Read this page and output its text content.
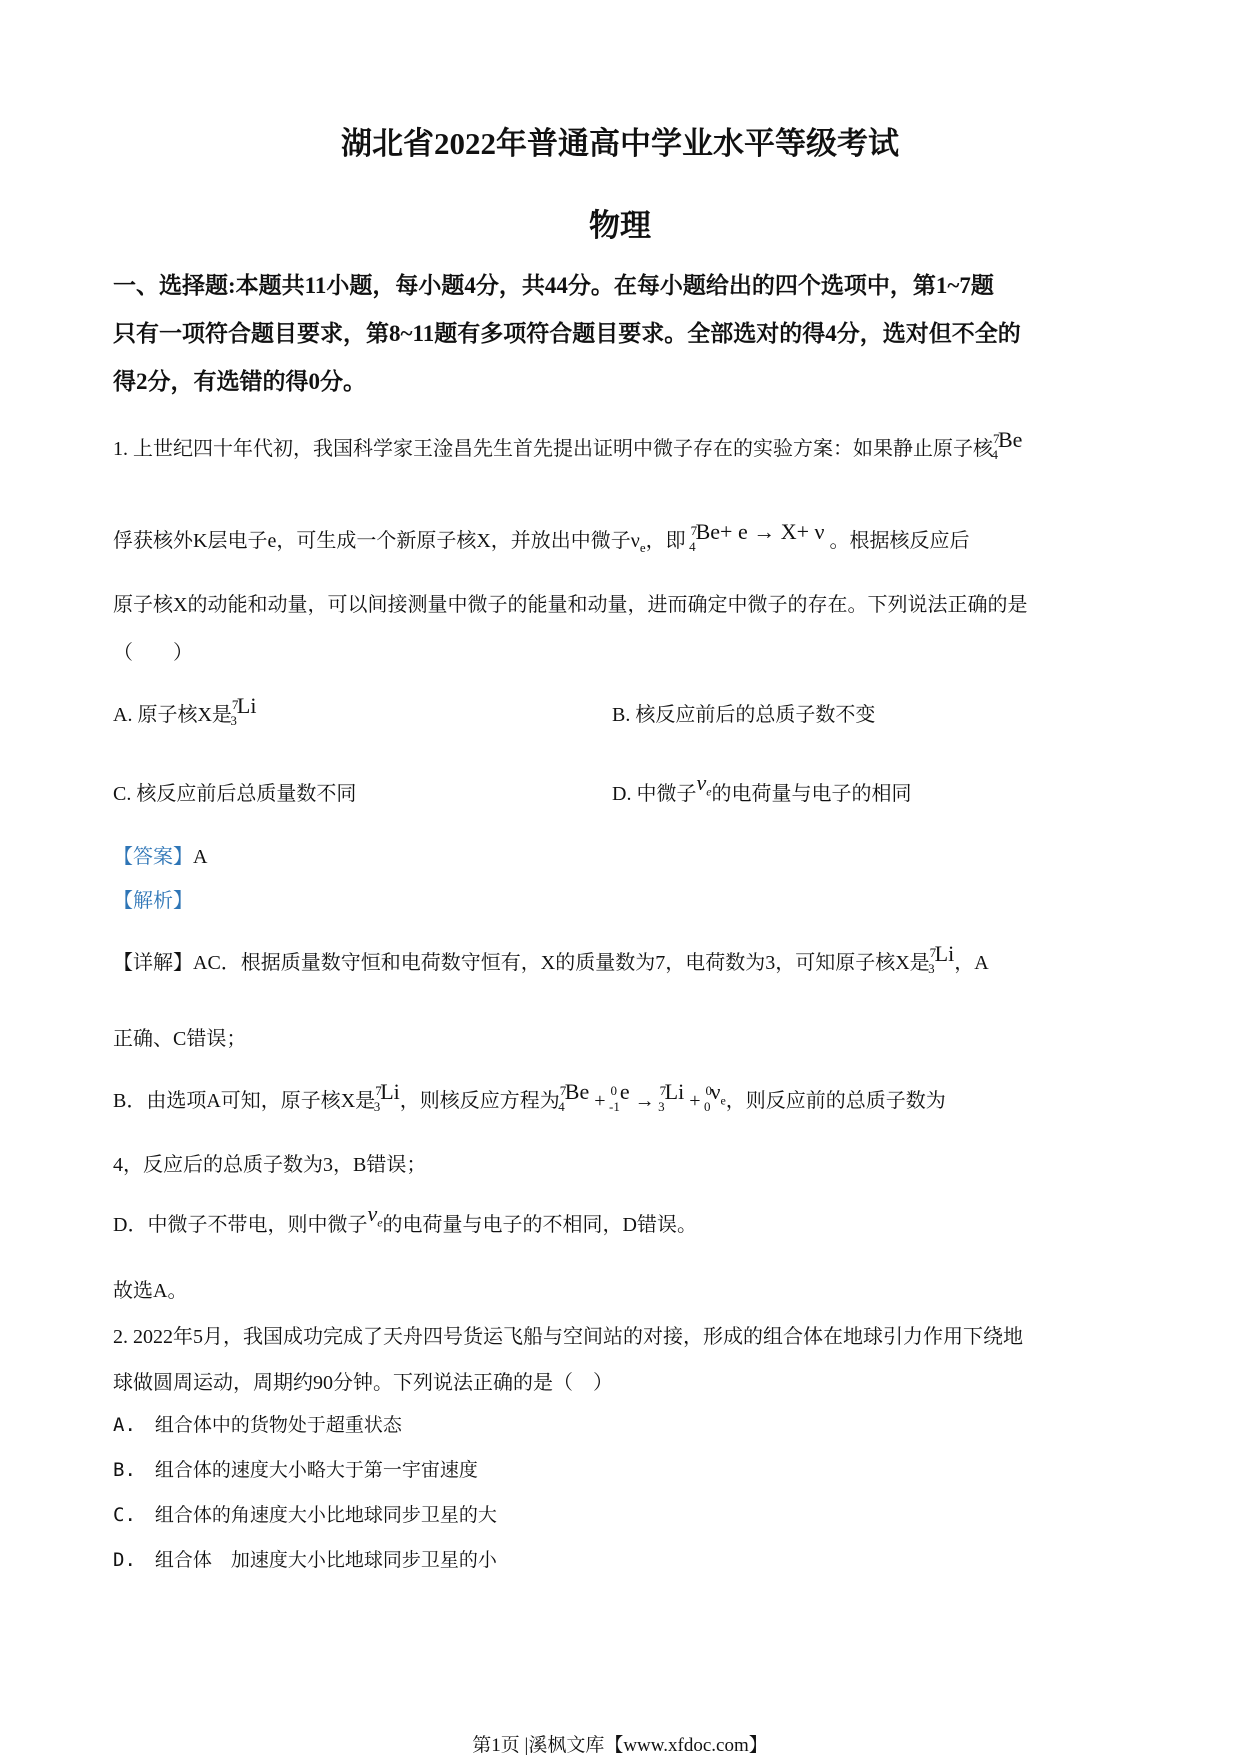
湖北省2022年普通高中学业水平等级考试
物理
一、选择题:本题共11小题，每小题4分，共44分。在每小题给出的四个选项中，第1~7题
只有一项符合题目要求，第8~11题有多项符合题目要求。全部选对的得4分，选对但不全的
得2分，有选错的得0分。
1. 上世纪四十年代初，我国科学家王淦昌先生首先提出证明中微子存在的实验方案：如果静止原子核$^7_4$Be
俘获核外K层电子e，可生成一个新原子核X，并放出中微子$\nu_e$，即 $^7$4Be+ e → X+ ν 。根据核反应后
原子核X的动能和动量，可以间接测量中微子的能量和动量，进而确定中微子的存在。下列说法正确的是
（　　）
A. 原子核X是$^7_3$Li	B. 核反应前后的总质子数不变
C. 核反应前后总质量数不同	D. 中微子$\nu_e$的电荷量与电子的相同
【答案】A
【解析】
【详解】AC．根据质量数守恒和电荷数守恒有，X的质量数为7，电荷数为3，可知原子核X是$^7_3$Li，A
正确、C错误；
B．由选项A可知，原子核X是$^7_3$Li，则核反应方程为$^7_4Be + ^0_{-1}e \to ^7_3Li + ^0_0\nu_e$，则反应前的总质子数为
4，反应后的总质子数为3，B错误；
D．中微子不带电，则中微子$\nu_e$的电荷量与电子的不相同，D错误。
故选A。
2. 2022年5月，我国成功完成了天舟四号货运飞船与空间站的对接，形成的组合体在地球引力作用下绕地
球做圆周运动，周期约90分钟。下列说法正确的是（　）
A.　组合体中的货物处于超重状态
B.　组合体的速度大小略大于第一宇宙速度
C.　组合体的角速度大小比地球同步卫星的大
D.　组合体　加速度大小比地球同步卫星的小
第1页 |溪枫文库【www.xfdoc.com】
